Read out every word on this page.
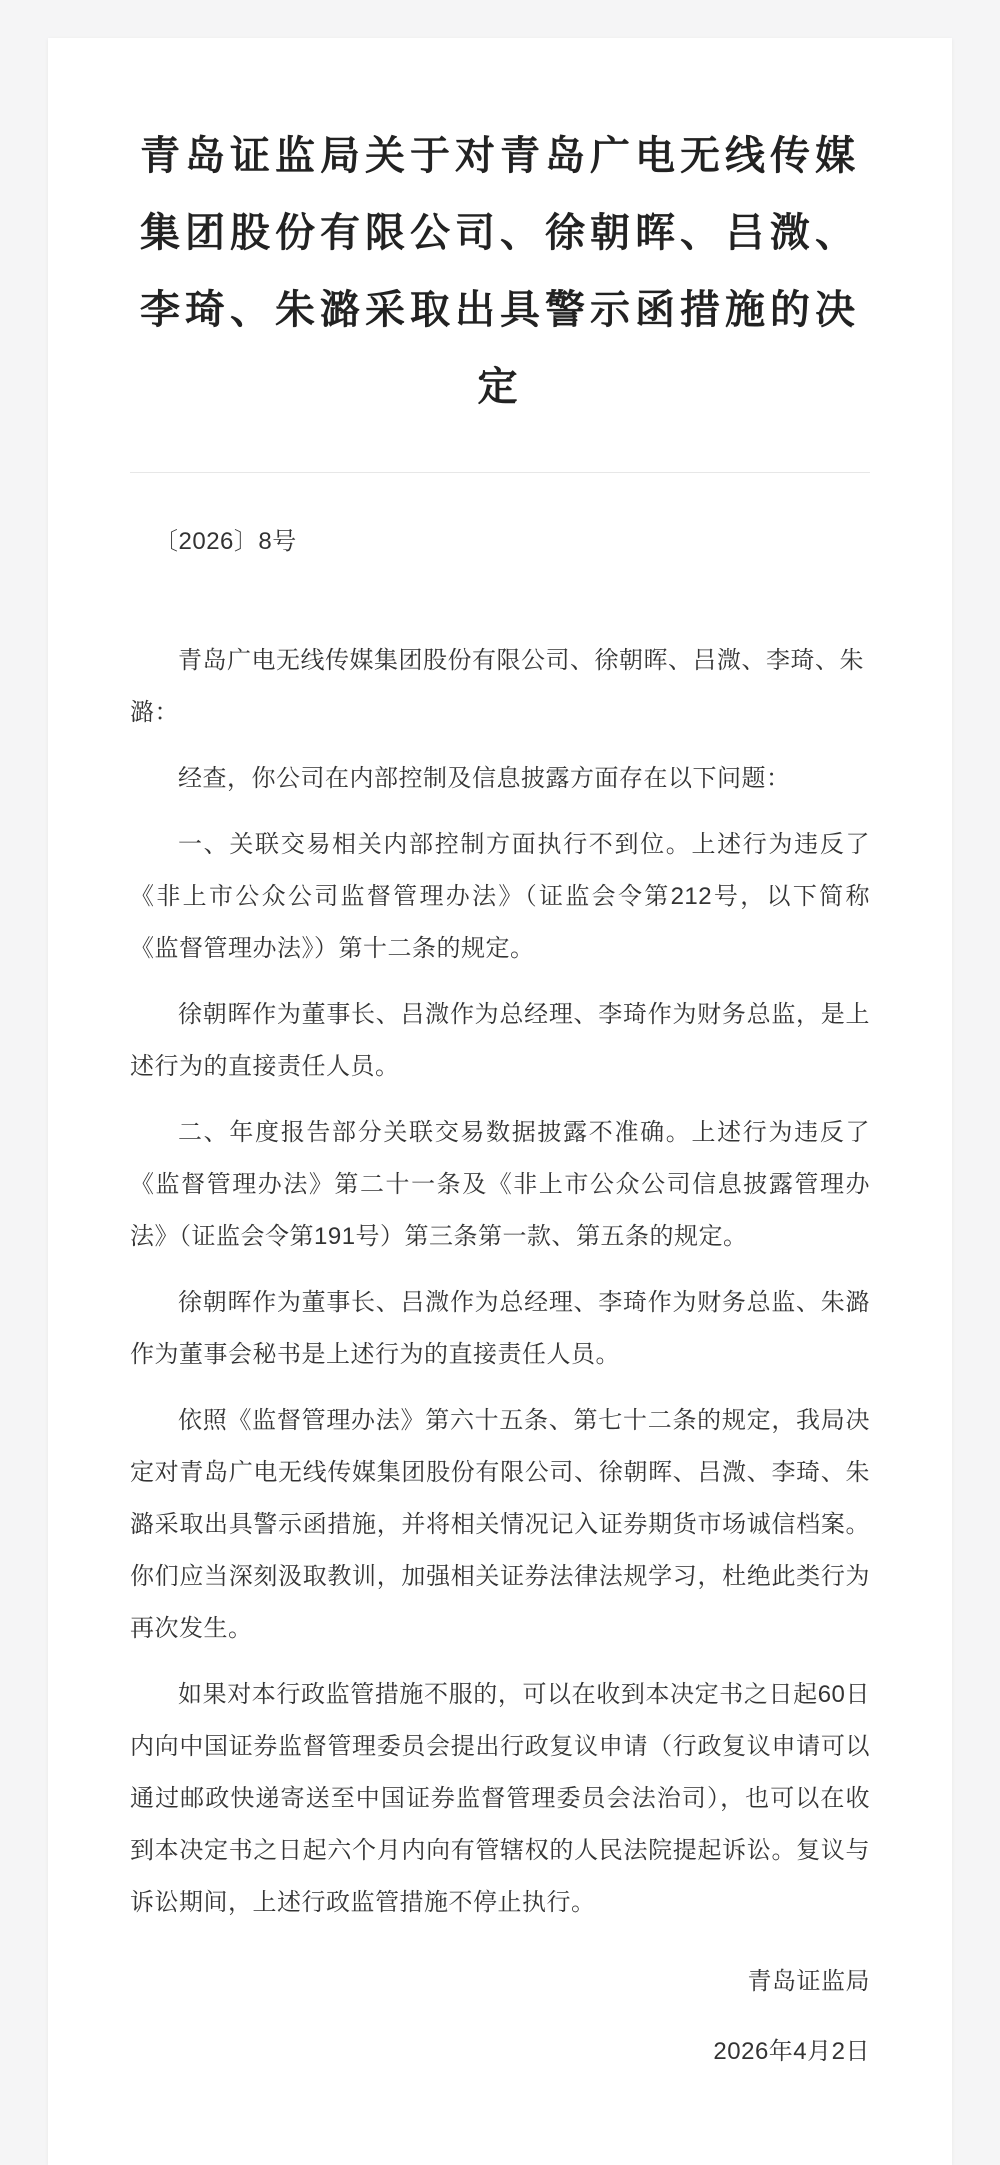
青岛证监局关于对青岛广电无线传媒集团股份有限公司、徐朝晖、吕溦、李琦、朱潞采取出具警示函措施的决定
〔2026〕8号

青岛广电无线传媒集团股份有限公司、徐朝晖、吕溦、李琦、朱潞：

经查，你公司在内部控制及信息披露方面存在以下问题：

一、关联交易相关内部控制方面执行不到位。上述行为违反了《非上市公众公司监督管理办法》（证监会令第212号，以下简称《监督管理办法》）第十二条的规定。

徐朝晖作为董事长、吕溦作为总经理、李琦作为财务总监，是上述行为的直接责任人员。

二、年度报告部分关联交易数据披露不准确。上述行为违反了《监督管理办法》第二十一条及《非上市公众公司信息披露管理办法》（证监会令第191号）第三条第一款、第五条的规定。

徐朝晖作为董事长、吕溦作为总经理、李琦作为财务总监、朱潞作为董事会秘书是上述行为的直接责任人员。

依照《监督管理办法》第六十五条、第七十二条的规定，我局决定对青岛广电无线传媒集团股份有限公司、徐朝晖、吕溦、李琦、朱潞采取出具警示函措施，并将相关情况记入证券期货市场诚信档案。你们应当深刻汲取教训，加强相关证券法律法规学习，杜绝此类行为再次发生。

如果对本行政监管措施不服的，可以在收到本决定书之日起60日内向中国证券监督管理委员会提出行政复议申请（行政复议申请可以通过邮政快递寄送至中国证券监督管理委员会法治司），也可以在收到本决定书之日起六个月内向有管辖权的人民法院提起诉讼。复议与诉讼期间，上述行政监管措施不停止执行。

青岛证监局
2026年4月2日
